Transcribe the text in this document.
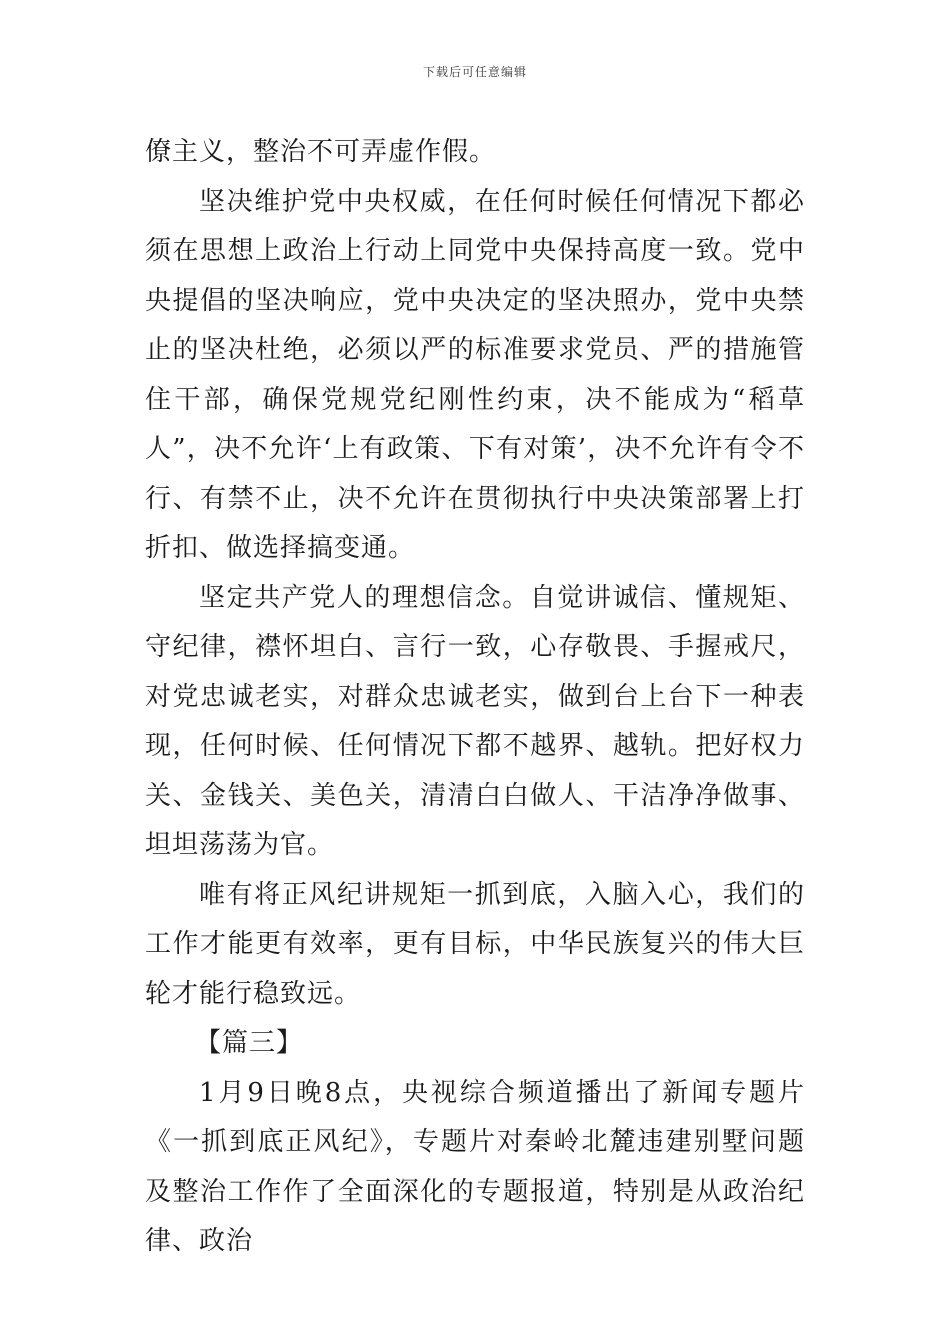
下载后可任意编辑

僚主义，整治不可弄虚作假。

坚决维护党中央权威，在任何时候任何情况下都必须在思想上政治上行动上同党中央保持高度一致。党中央提倡的坚决响应，党中央决定的坚决照办，党中央禁止的坚决杜绝，必须以严的标准要求党员、严的措施管住干部，确保党规党纪刚性约束，决不能成为“稻草人”，决不允许‘上有政策、下有对策’，决不允许有令不行、有禁不止，决不允许在贯彻执行中央决策部署上打折扣、做选择搞变通。

坚定共产党人的理想信念。自觉讲诚信、懂规矩、守纪律，襟怀坦白、言行一致，心存敬畏、手握戒尺，对党忠诚老实，对群众忠诚老实，做到台上台下一种表现，任何时候、任何情况下都不越界、越轨。把好权力关、金钱关、美色关，清清白白做人、干洁净净做事、坦坦荡荡为官。

唯有将正风纪讲规矩一抓到底，入脑入心，我们的工作才能更有效率，更有目标，中华民族复兴的伟大巨轮才能行稳致远。

【篇三】

1月9日晚8点，央视综合频道播出了新闻专题片《一抓到底正风纪》，专题片对秦岭北麓违建别墅问题及整治工作作了全面深化的专题报道，特别是从政治纪律、政治
